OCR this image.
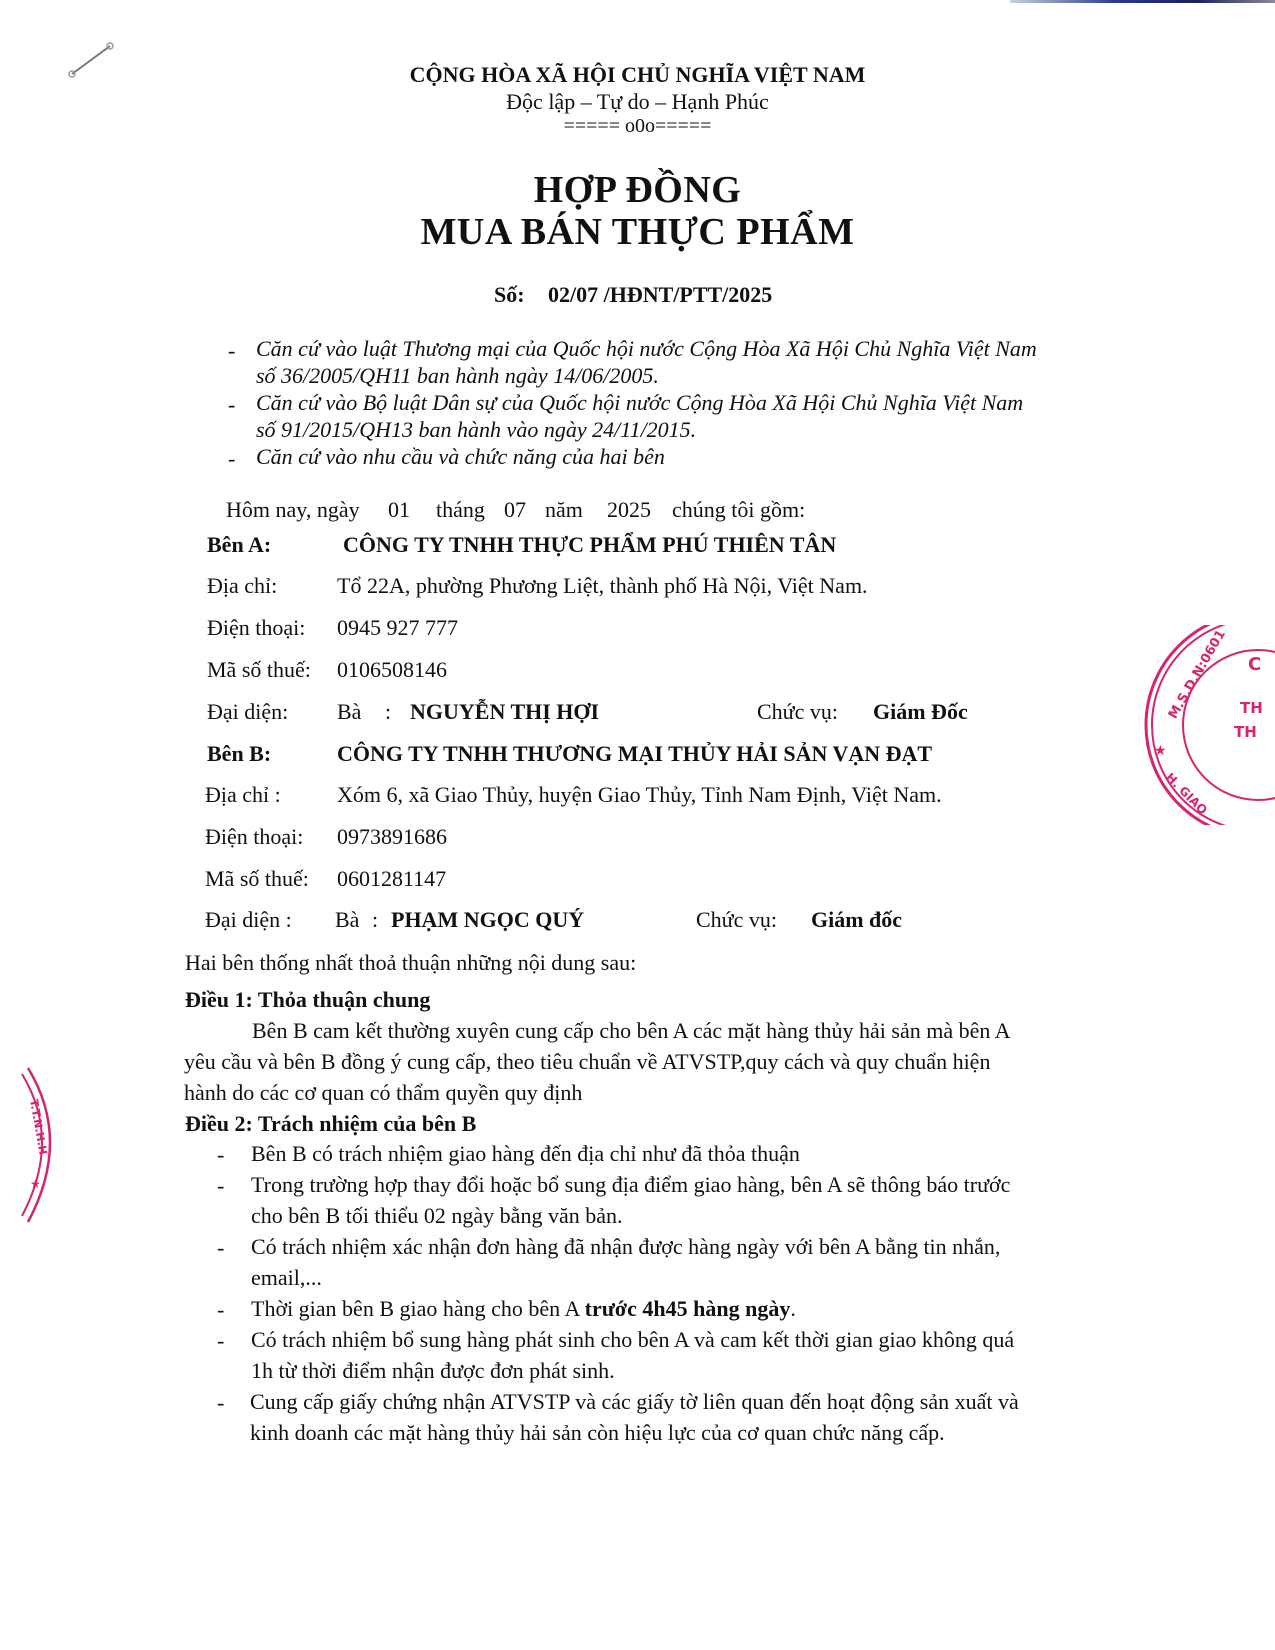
CỘNG HÒA XÃ HỘI CHỦ NGHĨA VIỆT NAM
Độc lập – Tự do – Hạnh Phúc
===== o0o=====
HỢP ĐỒNG
MUA BÁN THỰC PHẨM
Số: 02/07 /HĐNT/PTT/2025
- Căn cứ vào luật Thương mại của Quốc hội nước Cộng Hòa Xã Hội Chủ Nghĩa Việt Nam
số 36/2005/QH11 ban hành ngày 14/06/2005.
- Căn cứ vào Bộ luật Dân sự của Quốc hội nước Cộng Hòa Xã Hội Chủ Nghĩa Việt Nam
số 91/2015/QH13 ban hành vào ngày 24/11/2015.
- Căn cứ vào nhu cầu và chức năng của hai bên
Hôm nay, ngày 01 tháng 07 năm 2025 chúng tôi gồm:
Bên A:	CÔNG TY TNHH THỰC PHẨM PHÚ THIÊN TÂN
Địa chỉ:	Tổ 22A, phường Phương Liệt, thành phố Hà Nội, Việt Nam.
Điện thoại: 0945 927 777
Mã số thuế: 0106508146
Đại diện: Bà : NGUYỄN THỊ HỢI	Chức vụ: Giám Đốc
Bên B:	CÔNG TY TNHH THƯƠNG MẠI THỦY HẢI SẢN VẠN ĐẠT
Địa chỉ :	Xóm 6, xã Giao Thủy, huyện Giao Thủy, Tỉnh Nam Định, Việt Nam.
Điện thoại: 0973891686
Mã số thuế: 0601281147
Đại diện : Bà : PHẠM NGỌC QUÝ	Chức vụ: Giám đốc
Hai bên thống nhất thoả thuận những nội dung sau:
Điều 1: Thỏa thuận chung
Bên B cam kết thường xuyên cung cấp cho bên A các mặt hàng thủy hải sản mà bên A
yêu cầu và bên B đồng ý cung cấp, theo tiêu chuẩn về ATVSTP,quy cách và quy chuẩn hiện
hành do các cơ quan có thẩm quyền quy định
Điều 2: Trách nhiệm của bên B
- Bên B có trách nhiệm giao hàng đến địa chỉ như đã thỏa thuận
- Trong trường hợp thay đổi hoặc bổ sung địa điểm giao hàng, bên A sẽ thông báo trước
cho bên B tối thiểu 02 ngày bằng văn bản.
- Có trách nhiệm xác nhận đơn hàng đã nhận được hàng ngày với bên A bằng tin nhắn,
email,...
- Thời gian bên B giao hàng cho bên A trước 4h45 hàng ngày.
- Có trách nhiệm bổ sung hàng phát sinh cho bên A và cam kết thời gian giao không quá
1h từ thời điểm nhận được đơn phát sinh.
- Cung cấp giấy chứng nhận ATVSTP và các giấy tờ liên quan đến hoạt động sản xuất và
kinh doanh các mặt hàng thủy hải sản còn hiệu lực của cơ quan chức năng cấp.
M.S.D.N:0601
★
H. GIAO
C
TH
TH
T.T.N.H.H
★
